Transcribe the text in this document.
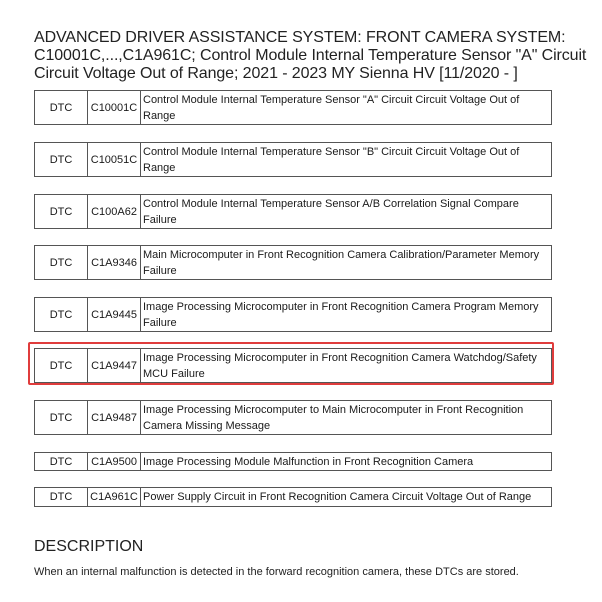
ADVANCED DRIVER ASSISTANCE SYSTEM: FRONT CAMERA SYSTEM:
C10001C,...,C1A961C; Control Module Internal Temperature Sensor "A" Circuit
Circuit Voltage Out of Range; 2021 - 2023 MY Sienna HV [11/2020 - ]
DTC	C10001C	Control Module Internal Temperature Sensor "A" Circuit Circuit Voltage Out of Range
DTC	C10051C	Control Module Internal Temperature Sensor "B" Circuit Circuit Voltage Out of Range
DTC	C100A62	Control Module Internal Temperature Sensor A/B Correlation Signal Compare Failure
DTC	C1A9346	Main Microcomputer in Front Recognition Camera Calibration/Parameter Memory Failure
DTC	C1A9445	Image Processing Microcomputer in Front Recognition Camera Program Memory Failure
DTC	C1A9447	Image Processing Microcomputer in Front Recognition Camera Watchdog/Safety MCU Failure
DTC	C1A9487	Image Processing Microcomputer to Main Microcomputer in Front Recognition Camera Missing Message
DTC	C1A9500	Image Processing Module Malfunction in Front Recognition Camera
DTC	C1A961C	Power Supply Circuit in Front Recognition Camera Circuit Voltage Out of Range
DESCRIPTION
When an internal malfunction is detected in the forward recognition camera, these DTCs are stored.
